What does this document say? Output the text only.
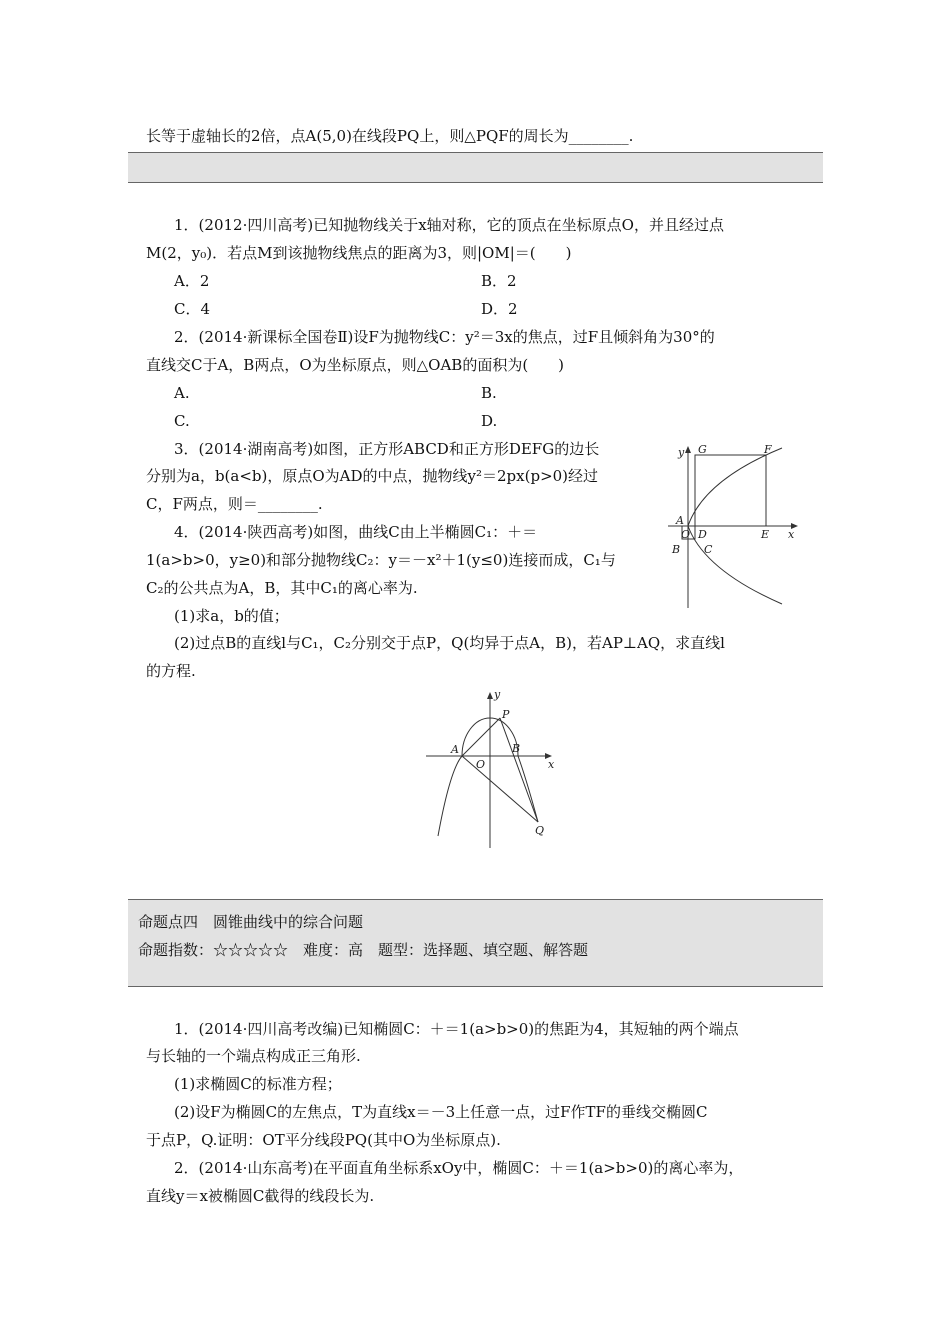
长等于虚轴长的2倍，点A(5,0)在线段PQ上，则△PQF的周长为________.
1．(2012·四川高考)已知抛物线关于x轴对称，它的顶点在坐标原点O，并且经过点
M(2，y₀)．若点M到该抛物线焦点的距离为3，则|OM|＝(　　)
A．2	B．2
C．4	D．2
2．(2014·新课标全国卷Ⅱ)设F为抛物线C：y²＝3x的焦点，过F且倾斜角为30°的
直线交C于A，B两点，O为坐标原点，则△OAB的面积为(　　)
A.	B.
C.	D.
3．(2014·湖南高考)如图，正方形ABCD和正方形DEFG的边长
分别为a，b(a<b)，原点O为AD的中点，抛物线y²＝2px(p>0)经过
C，F两点，则＝________.
4．(2014·陕西高考)如图，曲线C由上半椭圆C₁：＋＝
1(a>b>0，y≥0)和部分抛物线C₂：y＝－x²＋1(y≤0)连接而成，C₁与
C₂的公共点为A，B，其中C₁的离心率为.
(1)求a，b的值；
(2)过点B的直线l与C₁，C₂分别交于点P，Q(均异于点A，B)，若AP⊥AQ，求直线l
的方程.
y G	F
A
O D	E x
B C
y
P
A	B
x
O
Q
命题点四　圆锥曲线中的综合问题
命题指数：☆☆☆☆☆　难度：高　题型：选择题、填空题、解答题
1．(2014·四川高考改编)已知椭圆C：＋＝1(a>b>0)的焦距为4，其短轴的两个端点
与长轴的一个端点构成正三角形.
(1)求椭圆C的标准方程；
(2)设F为椭圆C的左焦点，T为直线x＝－3上任意一点，过F作TF的垂线交椭圆C
于点P，Q.证明：OT平分线段PQ(其中O为坐标原点).
2．(2014·山东高考)在平面直角坐标系xOy中，椭圆C：＋＝1(a>b>0)的离心率为，
直线y＝x被椭圆C截得的线段长为.
